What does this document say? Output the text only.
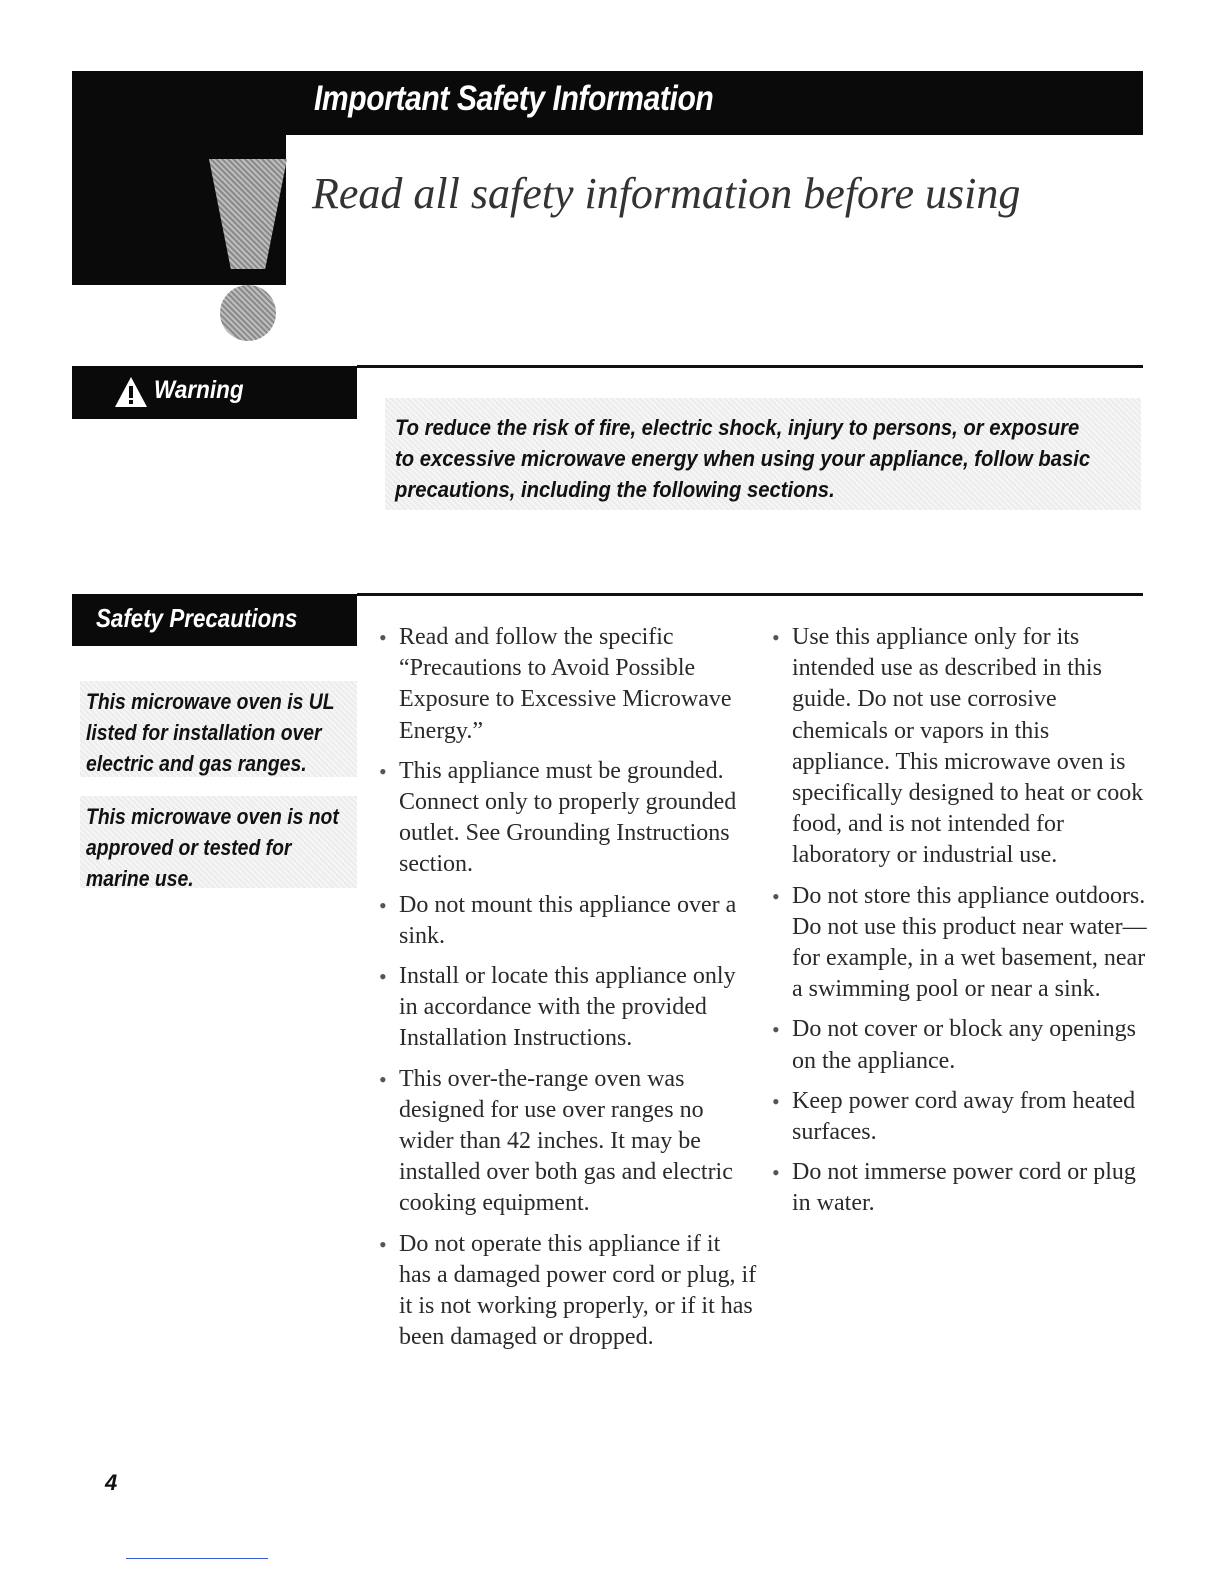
Important Safety Information
Read all safety information before using
Warning
To reduce the risk of fire, electric shock, injury to persons, or exposure to excessive microwave energy when using your appliance, follow basic precautions, including the following sections.
Safety Precautions
This microwave oven is UL listed for installation over electric and gas ranges.
This microwave oven is not approved or tested for marine use.
• Read and follow the specific “Precautions to Avoid Possible Exposure to Excessive Microwave Energy.”
• This appliance must be grounded. Connect only to properly grounded outlet. See Grounding Instructions section.
• Do not mount this appliance over a sink.
• Install or locate this appliance only in accordance with the provided Installation Instructions.
• This over-the-range oven was designed for use over ranges no wider than 42 inches. It may be installed over both gas and electric cooking equipment.
• Do not operate this appliance if it has a damaged power cord or plug, if it is not working properly, or if it has been damaged or dropped.
• Use this appliance only for its intended use as described in this guide. Do not use corrosive chemicals or vapors in this appliance. This microwave oven is specifically designed to heat or cook food, and is not intended for laboratory or industrial use.
• Do not store this appliance outdoors. Do not use this product near water—for example, in a wet basement, near a swimming pool or near a sink.
• Do not cover or block any openings on the appliance.
• Keep power cord away from heated surfaces.
• Do not immerse power cord or plug in water.
4
